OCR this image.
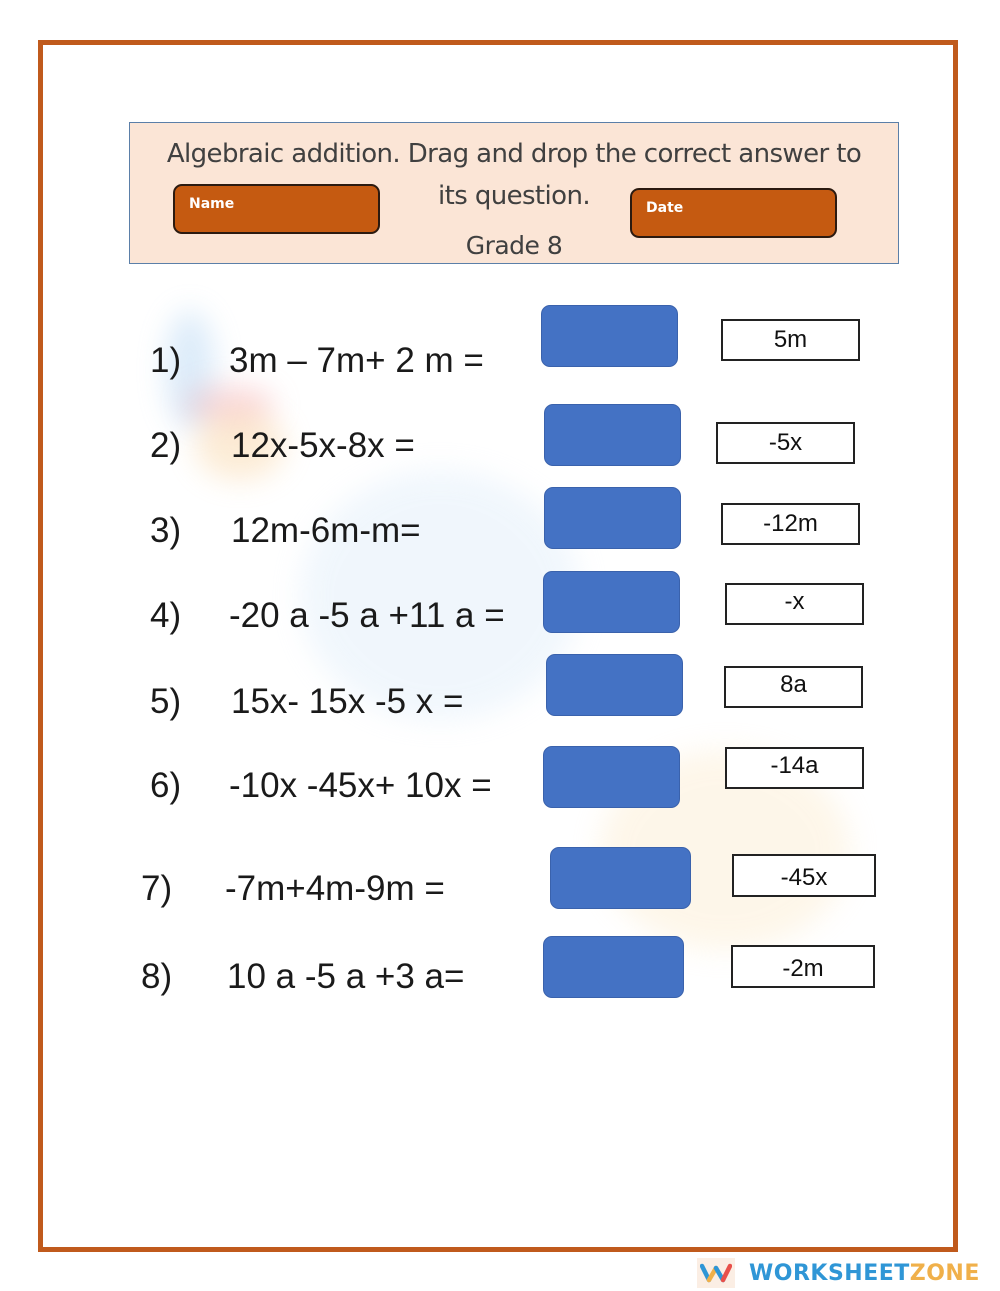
Algebraic addition. Drag and drop the correct answer to
its question.
Grade 8
Name	Date
1) 3m – 7m+ 2 m =
2) 12x-5x-8x =
3) 12m-6m-m=
4) -20 a -5 a +11 a =
5) 15x- 15x -5 x =
6) -10x -45x+ 10x =
7) -7m+4m-9m =
8) 10 a -5 a +3 a=
5m
-5x
-12m
-x
8a
-14a
-45x
-2m
WORKSHEETZONE
